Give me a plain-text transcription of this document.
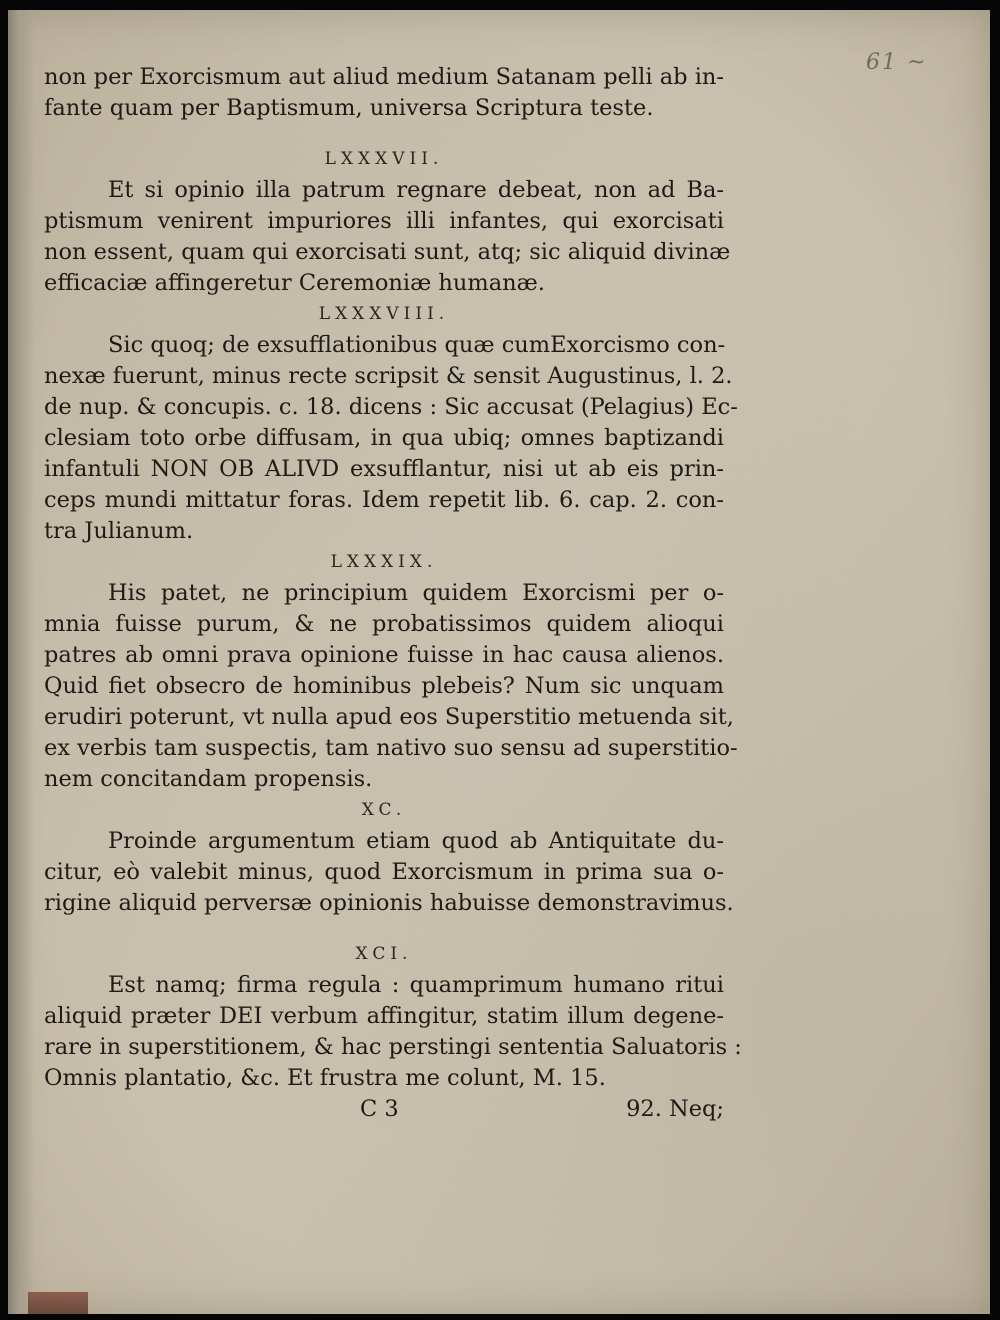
61 ~
non per Exorcismum aut aliud medium Satanam pelli ab in-
fante quam per Baptismum, universa Scriptura teste.
LXXXVII.
Et si opinio illa patrum regnare debeat, non ad Ba-
ptismum venirent impuriores illi infantes, qui exorcisati
non essent, quam qui exorcisati sunt, atq; sic aliquid divinæ
efficaciæ affingeretur Ceremoniæ humanæ.
LXXXVIII.
Sic quoq; de exsufflationibus quæ cumExorcismo con-
nexæ fuerunt, minus recte scripsit & sensit Augustinus, l. 2.
de nup. & concupis. c. 18. dicens : Sic accusat (Pelagius) Ec-
clesiam toto orbe diffusam, in qua ubiq; omnes baptizandi
infantuli NON OB ALIVD exsufflantur, nisi ut ab eis prin-
ceps mundi mittatur foras. Idem repetit lib. 6. cap. 2. con-
tra Julianum.
LXXXIX.
His patet, ne principium quidem Exorcismi per o-
mnia fuisse purum, & ne probatissimos quidem alioqui
patres ab omni prava opinione fuisse in hac causa alienos.
Quid fiet obsecro de hominibus plebeis? Num sic unquam
erudiri poterunt, vt nulla apud eos Superstitio metuenda sit,
ex verbis tam suspectis, tam nativo suo sensu ad superstitio-
nem concitandam propensis.
XC.
Proinde argumentum etiam quod ab Antiquitate du-
citur, eò valebit minus, quod Exorcismum in prima sua o-
rigine aliquid perversæ opinionis habuisse demonstravimus.
XCI.
Est namq; firma regula : quamprimum humano ritui
aliquid præter DEI verbum affingitur, statim illum degene-
rare in superstitionem, & hac perstingi sententia Saluatoris :
Omnis plantatio, &c. Et frustra me colunt, M. 15.
C 3	92. Neq;
